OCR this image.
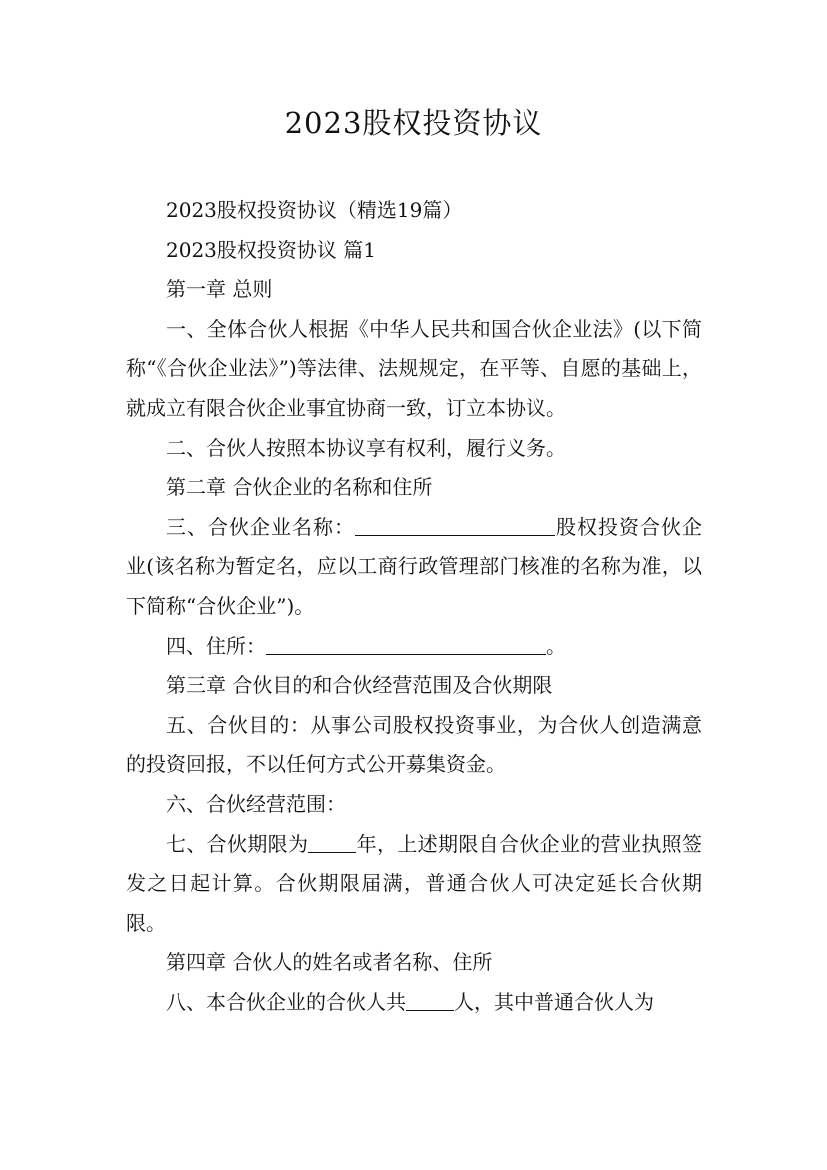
2023股权投资协议

2023股权投资协议（精选19篇）

2023股权投资协议 篇1

第一章 总则

一、全体合伙人根据《中华人民共和国合伙企业法》(以下简称“《合伙企业法》”)等法律、法规规定，在平等、自愿的基础上，就成立有限合伙企业事宜协商一致，订立本协议。

二、合伙人按照本协议享有权利，履行义务。

第二章 合伙企业的名称和住所

三、合伙企业名称：	股权投资合伙企业(该名称为暂定名，应以工商行政管理部门核准的名称为准，以下简称“合伙企业”)。

四、住所：	。

第三章 合伙目的和合伙经营范围及合伙期限

五、合伙目的：从事公司股权投资事业，为合伙人创造满意的投资回报，不以任何方式公开募集资金。

六、合伙经营范围：

七、合伙期限为 年，上述期限自合伙企业的营业执照签发之日起计算。合伙期限届满，普通合伙人可决定延长合伙期限。

第四章 合伙人的姓名或者名称、住所

八、本合伙企业的合伙人共 人，其中普通合伙人为
